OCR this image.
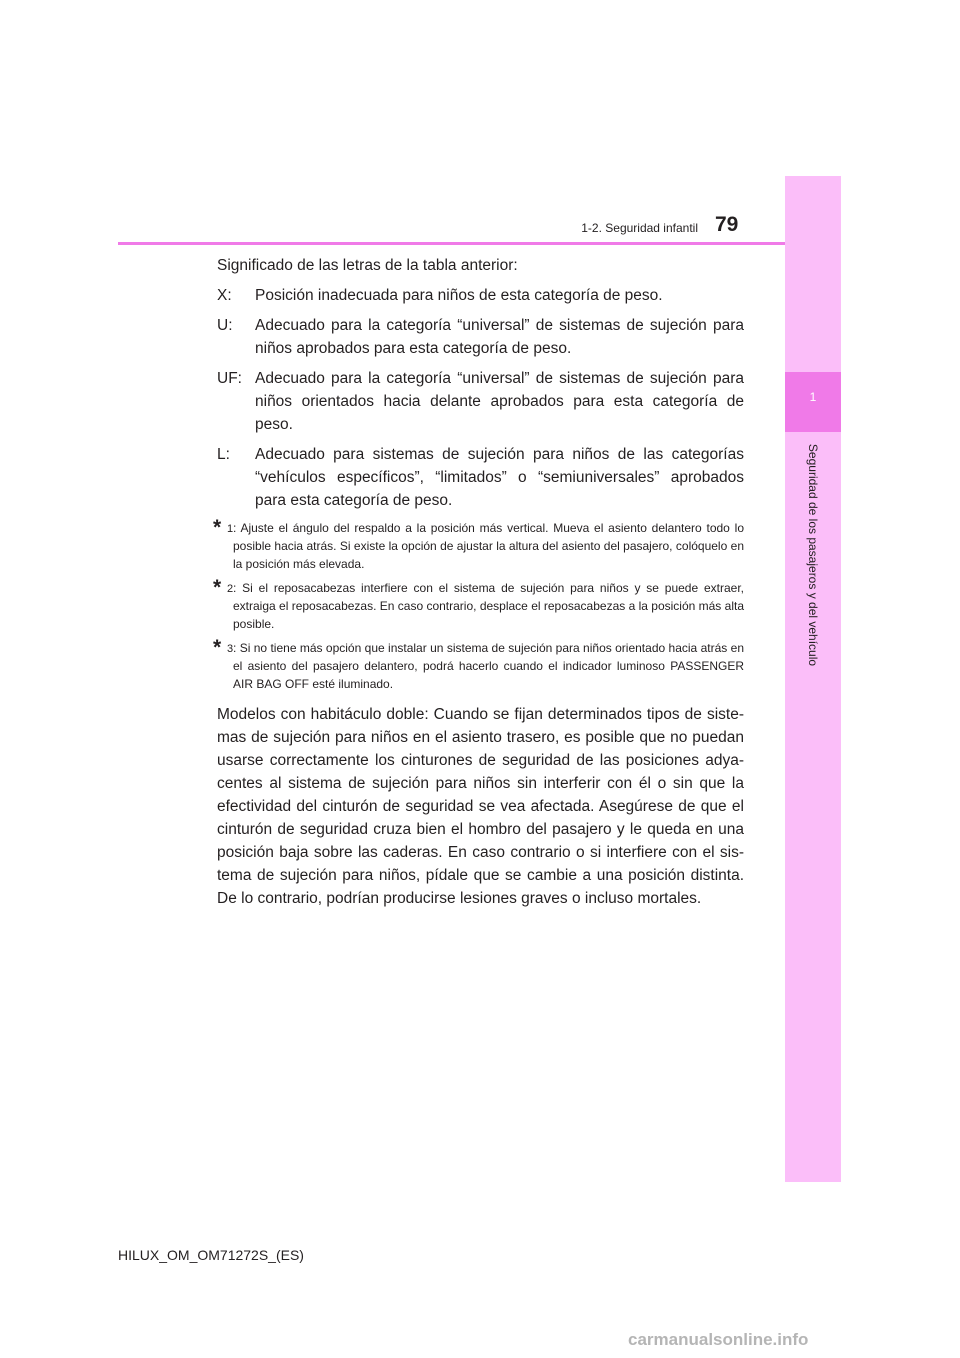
1
Seguridad de los pasajeros y del vehículo
1-2. Seguridad infantil 79
Significado de las letras de la tabla anterior:
X:	Posición inadecuada para niños de esta categoría de peso.
U:	Adecuado para la categoría “universal” de sistemas de sujeción para niños aprobados para esta categoría de peso.
UF: Adecuado para la categoría “universal” de sistemas de sujeción para niños orientados hacia delante aprobados para esta categoría de peso.
L:	Adecuado para sistemas de sujeción para niños de las categorías “vehículos específicos”, “limitados” o “semiuniversales” aprobados para esta categoría de peso.
* 1 : Ajuste el ángulo del respaldo a la posición más vertical. Mueva el asiento delantero todo lo posible hacia atrás. Si existe la opción de ajustar la altura del asiento del pasajero, colóquelo en la posición más elevada.
* 2 : Si el reposacabezas interfiere con el sistema de sujeción para niños y se puede extraer, extraiga el reposacabezas. En caso contrario, desplace el reposacabezas a la posición más alta posible.
* 3 : Si no tiene más opción que instalar un sistema de sujeción para niños orientado hacia atrás en el asiento del pasajero delantero, podrá hacerlo cuando el indicador luminoso PASSENGER AIR BAG OFF esté iluminado.
Modelos con habitáculo doble: Cuando se fijan determinados tipos de sistemas de sujeción para niños en el asiento trasero, es posible que no puedan usarse correctamente los cinturones de seguridad de las posiciones adyacentes al sistema de sujeción para niños sin interferir con él o sin que la efectividad del cinturón de seguridad se vea afectada. Asegúrese de que el cinturón de seguridad cruza bien el hombro del pasajero y le queda en una posición baja sobre las caderas. En caso contrario o si interfiere con el sistema de sujeción para niños, pídale que se cambie a una posición distinta. De lo contrario, podrían producirse lesiones graves o incluso mortales.
HILUX_OM_OM71272S_(ES)
carmanualsonline.info
